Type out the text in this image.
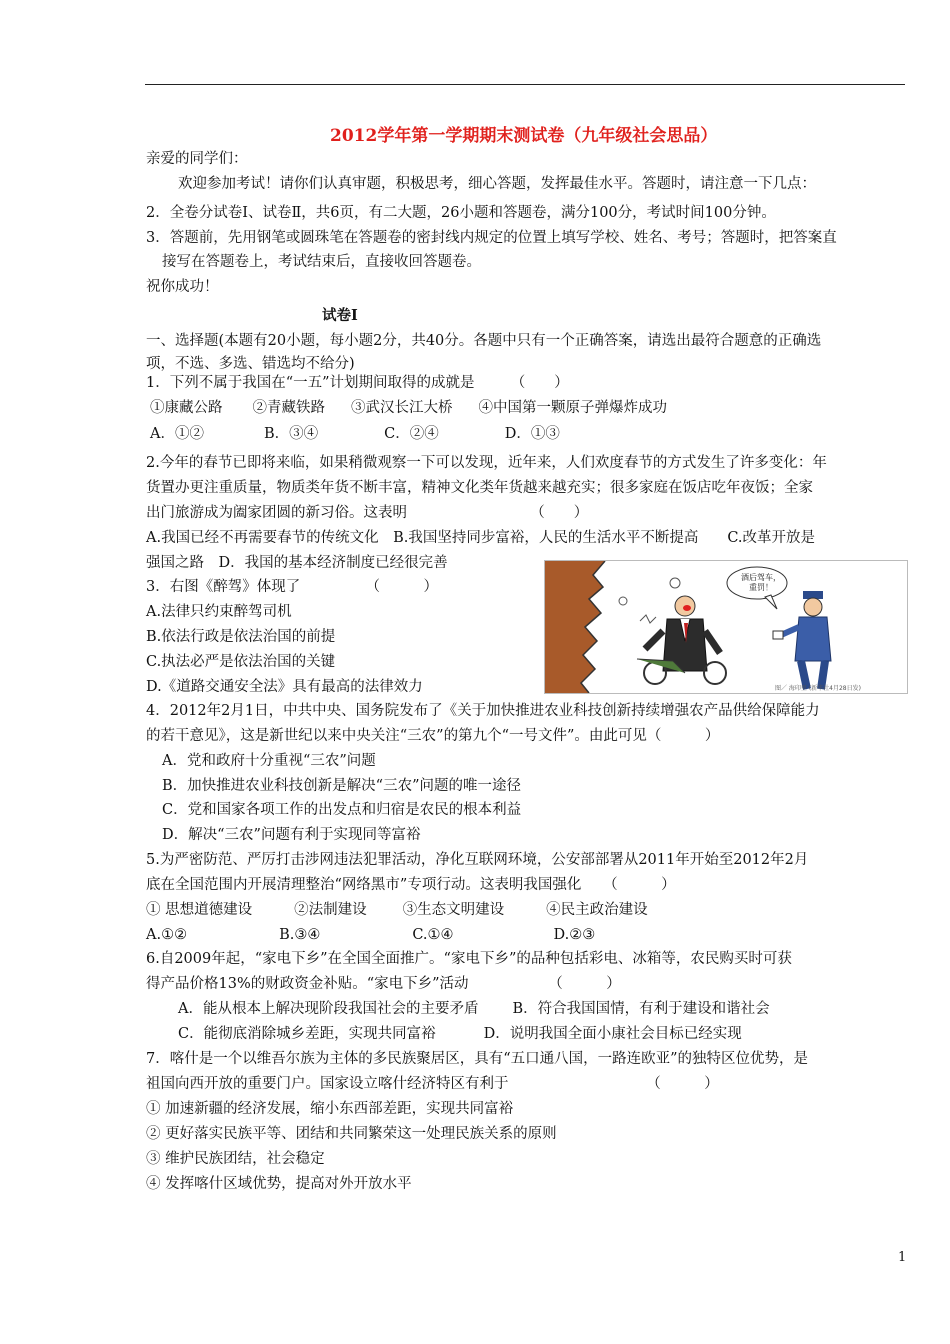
2012学年第一学期期末测试卷（九年级社会思品）
亲爱的同学们：
欢迎参加考试！请你们认真审题，积极思考，细心答题，发挥最佳水平。答题时，请注意一下几点：
2．全卷分试卷Ⅰ、试卷Ⅱ，共6页，有二大题，26小题和答题卷，满分100分，考试时间100分钟。
3．答题前，先用钢笔或圆珠笔在答题卷的密封线内规定的位置上填写学校、姓名、考号；答题时，把答案直
接写在答题卷上，考试结束后，直接收回答题卷。
祝你成功！
试卷Ⅰ
一、选择题(本题有20小题，每小题2分，共40分。各题中只有一个正确答案，请选出最符合题意的正确选
项，不选、多选、错选均不给分)
1．下列不属于我国在“一五”计划期间取得的成就是　　　（　　）
①康藏公路 ②青藏铁路 ③武汉长江大桥 ④中国第一颗原子弹爆炸成功
A．①②	B．③④	C．②④	D．①③
2.今年的春节已即将来临，如果稍微观察一下可以发现，近年来，人们欢度春节的方式发生了许多变化：年
货置办更注重质量，物质类年货不断丰富，精神文化类年货越来越充实；很多家庭在饭店吃年夜饭；全家
出门旅游成为阖家团圆的新习俗。这表明　　　　　　　　　（　　）
A.我国已经不再需要春节的传统文化　B.我国坚持同步富裕，人民的生活水平不断提高　　C.改革开放是
强国之路　D．我国的基本经济制度已经很完善
3．右图《醉驾》体现了　　　　　（　　　）
A.法律只约束醉驾司机
B.依法行政是依法治国的前提
C.执法必严是依法治国的关键
D.《道路交通安全法》具有最高的法律效力
酒后驾车，
重罚！
图／ 海印里 (新华社4月28日发)
4．2012年2月1日，中共中央、国务院发布了《关于加快推进农业科技创新持续增强农产品供给保障能力
的若干意见》，这是新世纪以来中央关注“三农”的第九个“一号文件”。由此可见（　　　）
A．党和政府十分重视“三农”问题
B．加快推进农业科技创新是解决“三农”问题的唯一途径
C．党和国家各项工作的出发点和归宿是农民的根本利益
D．解决“三农”问题有利于实现同等富裕
5.为严密防范、严厉打击涉网违法犯罪活动，净化互联网环境，公安部部署从2011年开始至2012年2月
底在全国范围内开展清理整治“网络黑市”专项行动。这表明我国强化　　（　　　）
① 思想道德建设	②法制建设 ③生态文明建设	④民主政治建设
A.①②	B.③④	C.①④	D.②③
6.自2009年起，“家电下乡”在全国全面推广。“家电下乡”的品种包括彩电、冰箱等，农民购买时可获
得产品价格13%的财政资金补贴。“家电下乡”活动　　　　　　（　　　）
A．能从根本上解决现阶段我国社会的主要矛盾 B．符合我国国情，有利于建设和谐社会
C．能彻底消除城乡差距，实现共同富裕	D．说明我国全面小康社会目标已经实现
7．喀什是一个以维吾尔族为主体的多民族聚居区，具有“五口通八国，一路连欧亚”的独特区位优势，是
祖国向西开放的重要门户。国家设立喀什经济特区有利于　　　　　　　　　　（　　　）
① 加速新疆的经济发展，缩小东西部差距，实现共同富裕
② 更好落实民族平等、团结和共同繁荣这一处理民族关系的原则
③ 维护民族团结，社会稳定
④ 发挥喀什区域优势，提高对外开放水平
1
